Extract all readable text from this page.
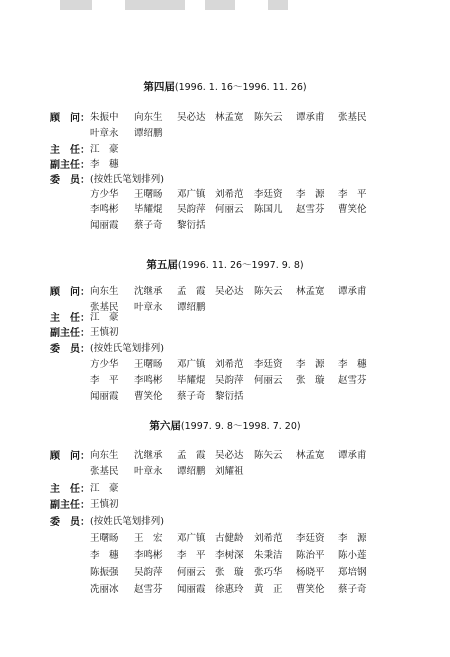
第四届(1996. 1. 16～1996. 11. 26)
顾　问： 朱振中	向东生	吴必达 林孟宽	陈矢云	谭承甫	张基民
叶章永	谭绍鹏
主　任： 江　豪
副主任： 李　穗
委　员： (按姓氏笔划排列)
方少华	王曙旸	邓广镇 刘希范	李廷资	李　源	李　平
李鸣彬	毕耀焜	吴韵萍 何丽云	陈国儿	赵雪芬	曹笑伦
闻丽霞	蔡子奇	黎衍括
第五届(1996. 11. 26～1997. 9. 8)
顾　问： 向东生	沈继承	孟　霞 吴必达	陈矢云	林孟宽	谭承甫
张基民	叶章永	谭绍鹏
主　任： 江　豪
副主任： 王慎初
委　员： (按姓氏笔划排列)
方少华	王曙旸	邓广镇 刘希范	李廷资	李　源	李　穗
李　平	李鸣彬	毕耀焜 吴韵萍	何丽云	张　璇	赵雪芬
闻丽霞	曹笑伦	蔡子奇 黎衍括
第六届(1997. 9. 8～1998. 7. 20)
顾　问： 向东生	沈继承	孟　霞 吴必达	陈矢云	林孟宽	谭承甫
张基民	叶章永	谭绍鹏 刘耀祖
主　任： 江　豪
副主任： 王慎初
委　员： (按姓氏笔划排列)
王曙旸	王　宏	邓广镇 古健龄	刘希范	李廷资	李　源
李　穗	李鸣彬	李　平 李树深	朱秉洁	陈治平	陈小莲
陈振强	吴韵萍	何丽云 张　璇	张巧华	杨晓平	郑培钢
冼丽冰	赵雪芬	闻丽霞 徐惠玲	黄　正	曹笑伦	蔡子奇
